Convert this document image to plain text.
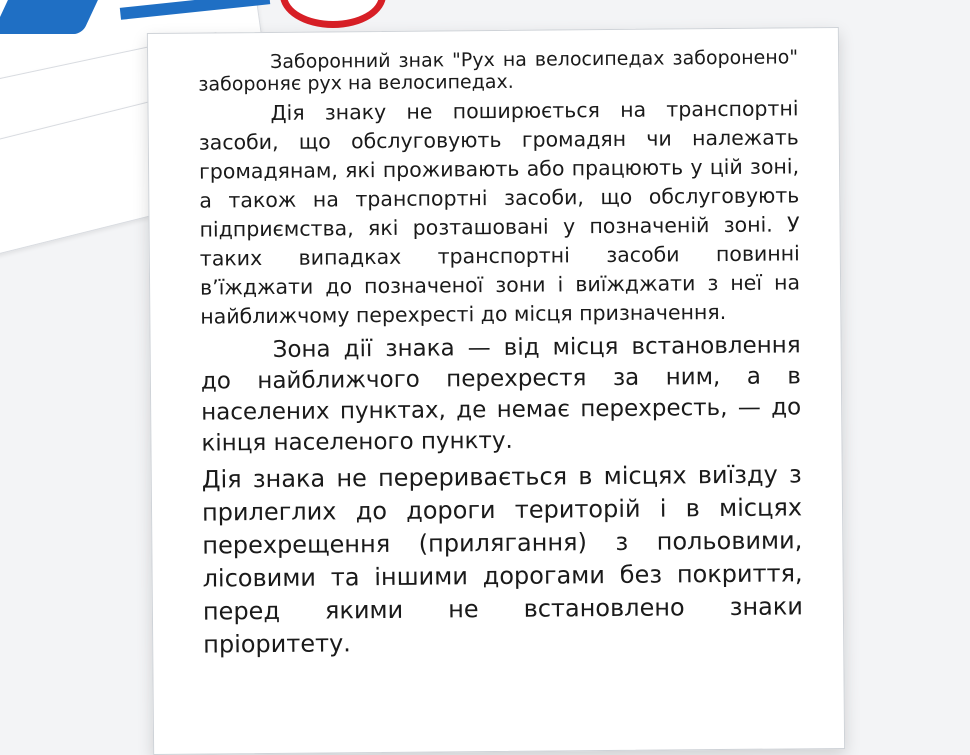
Заборонний знак "Рух на велосипедах заборонено" забороняє рух на велосипедах.

Дія знаку не поширюється на транспортні засоби, що обслуговують громадян чи належать громадянам, які проживають або працюють у цій зоні, а також на транспортні засоби, що обслуговують підприємства, які розташовані у позначеній зоні. У таких випадках транспортні засоби повинні в’їжджати до позначеної зони і виїжджати з неї на найближчому перехресті до місця призначення.

Зона дії знака — від місця встановлення до найближчого перехрестя за ним, а в населених пунктах, де немає перехресть, — до кінця населеного пункту.

Дія знака не переривається в місцях виїзду з прилеглих до дороги територій і в місцях перехрещення (прилягання) з польовими, лісовими та іншими дорогами без покриття, перед якими не встановлено знаки пріоритету.
